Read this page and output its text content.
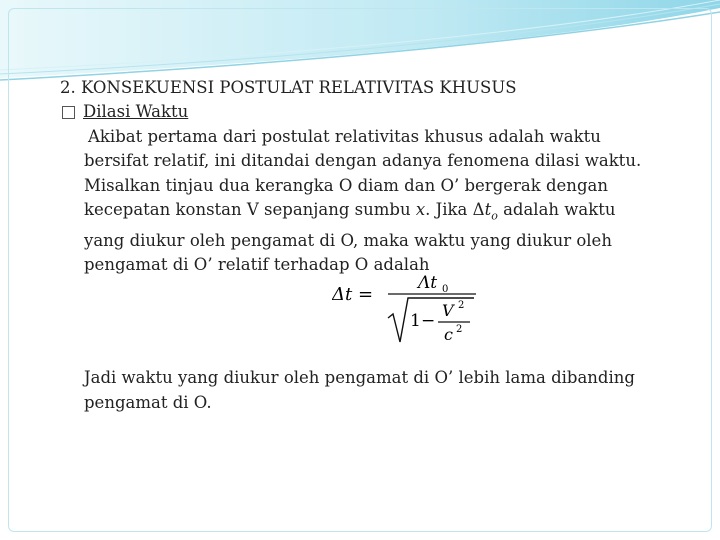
2. KONSEKUENSI POSTULAT RELATIVITAS KHUSUS

Dilasi Waktu

Akibat pertama dari postulat relativitas khusus adalah waktu
bersifat relatif, ini ditandai dengan adanya fenomena dilasi waktu.
Misalkan tinjau dua kerangka O diam dan O’ bergerak dengan
kecepatan konstan V sepanjang sumbu x. Jika $\Delta t_o$ adalah waktu
yang diukur oleh pengamat di O, maka waktu yang diukur oleh
pengamat di O’ relatif terhadap O adalah

Δt =
Λt 0
1 −
V 2
c 2
Jadi waktu yang diukur oleh pengamat di O’ lebih lama dibanding
pengamat di O.
